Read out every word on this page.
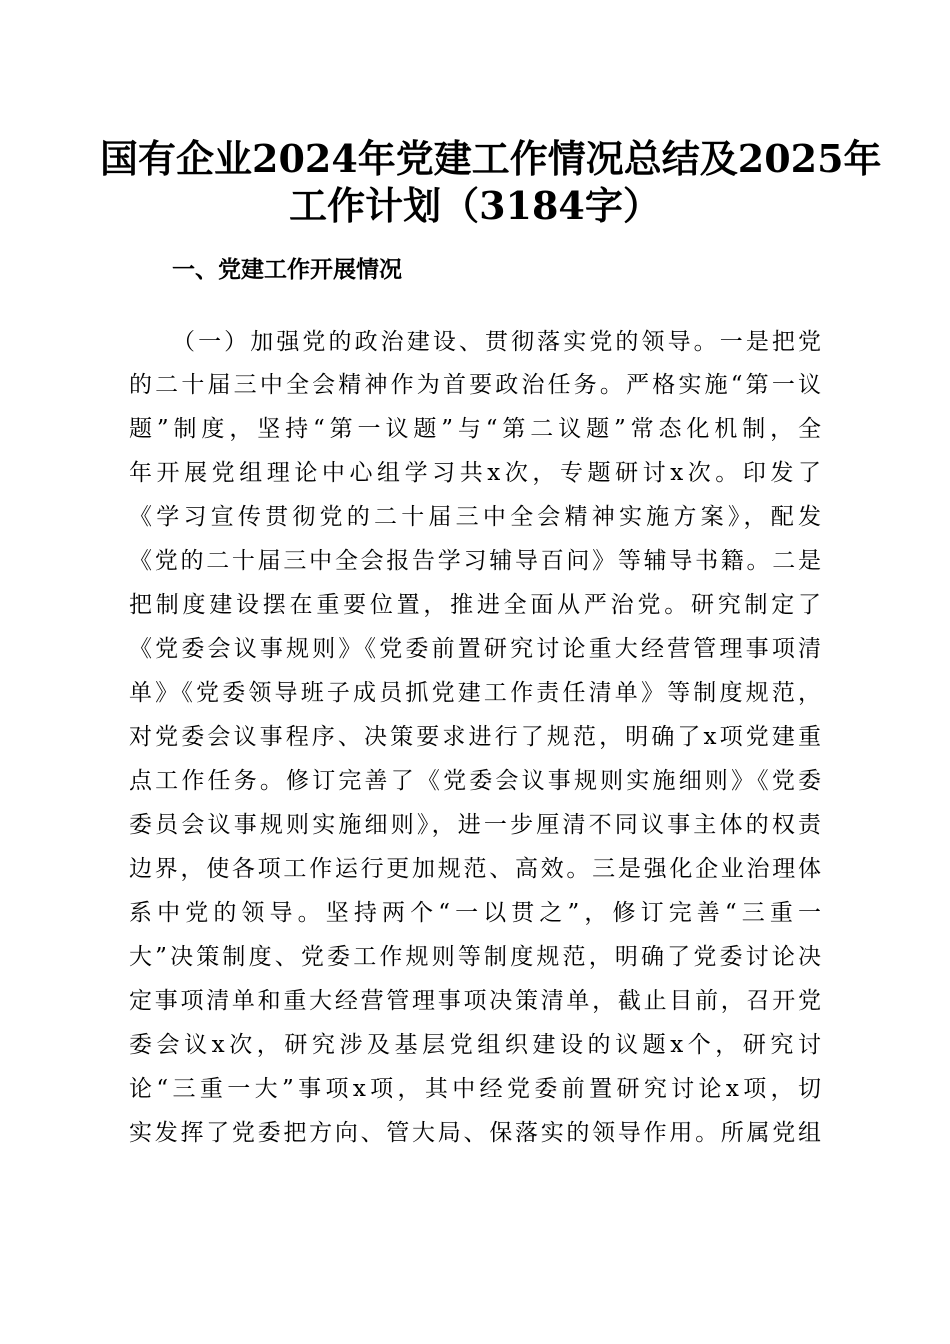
国有企业2024年党建工作情况总结及2025年
工作计划（3184字）
一、党建工作开展情况
（一）加强党的政治建设、贯彻落实党的领导。一是把党
的二十届三中全会精神作为首要政治任务。严格实施“第一议
题”制度，坚持“第一议题”与“第二议题”常态化机制，全
年开展党组理论中心组学习共x次，专题研讨x次。印发了
《学习宣传贯彻党的二十届三中全会精神实施方案》，配发
《党的二十届三中全会报告学习辅导百问》等辅导书籍。二是
把制度建设摆在重要位置，推进全面从严治党。研究制定了
《党委会议事规则》《党委前置研究讨论重大经营管理事项清
单》《党委领导班子成员抓党建工作责任清单》等制度规范，
对党委会议事程序、决策要求进行了规范，明确了x项党建重
点工作任务。修订完善了《党委会议事规则实施细则》《党委
委员会议事规则实施细则》，进一步厘清不同议事主体的权责
边界，使各项工作运行更加规范、高效。三是强化企业治理体
系中党的领导。坚持两个“一以贯之”，修订完善“三重一
大”决策制度、党委工作规则等制度规范，明确了党委讨论决
定事项清单和重大经营管理事项决策清单，截止目前，召开党
委会议x次，研究涉及基层党组织建设的议题x个，研究讨
论“三重一大”事项x项，其中经党委前置研究讨论x项，切
实发挥了党委把方向、管大局、保落实的领导作用。所属党组
